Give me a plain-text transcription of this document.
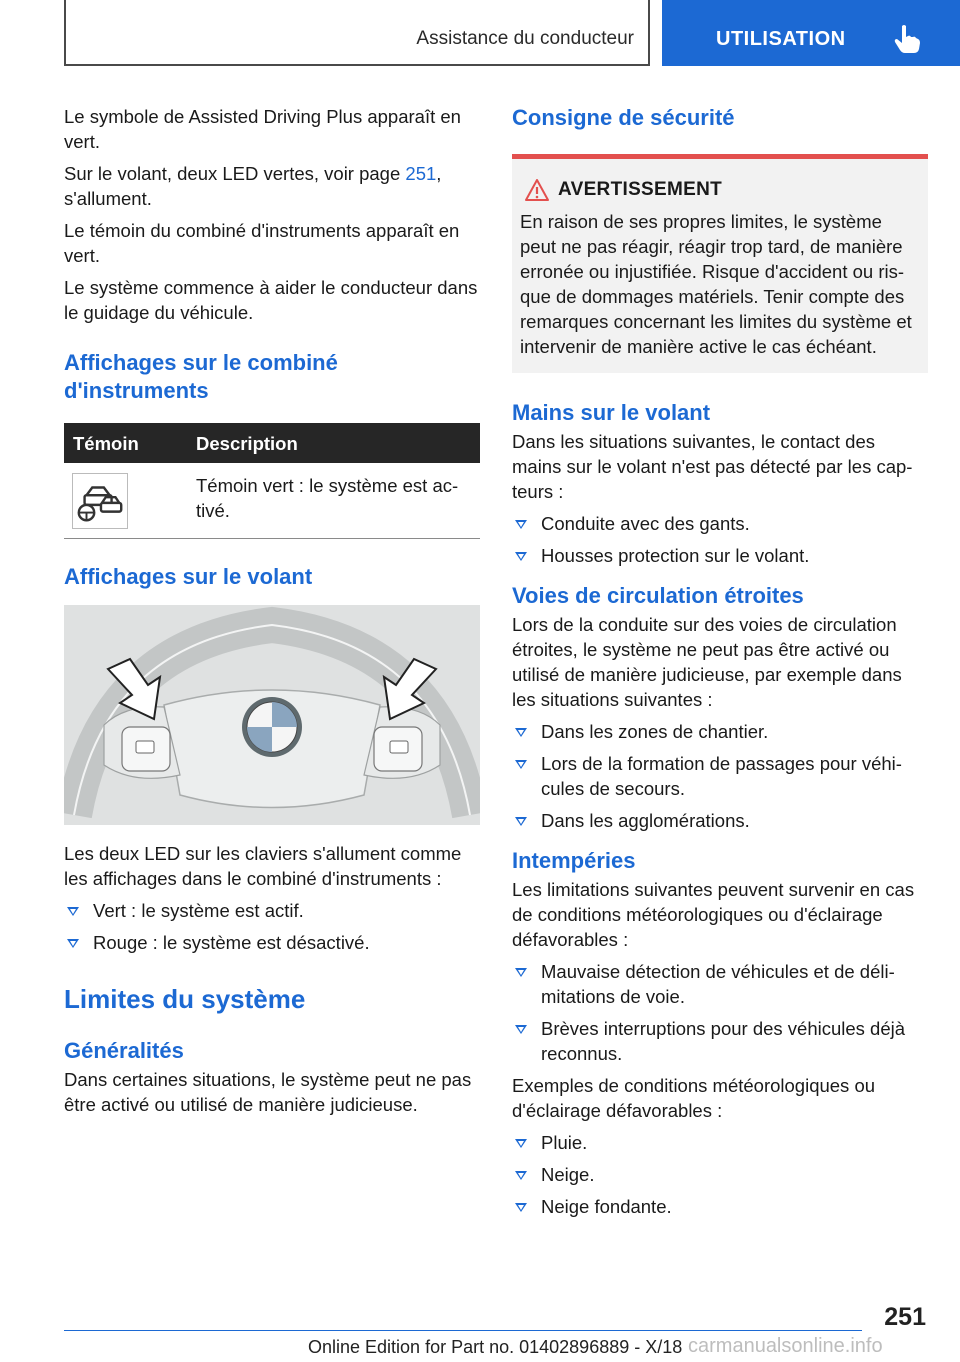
Assistance du conducteur	UTILISATION

Le symbole de Assisted Driving Plus apparaît en vert.

Sur le volant, deux LED vertes, voir page 251, s'allument.

Le témoin du combiné d'instruments apparaît en vert.

Le système commence à aider le conducteur dans le guidage du véhicule.

Affichages sur le combiné
d'instruments
Témoin	Description
Témoin vert : le système est ac‐ tivé.
Affichages sur le volant

Les deux LED sur les claviers s'allument comme les affichages dans le combiné d'instruments :

Vert : le système est actif.
Rouge : le système est désactivé.
Limites du système
Généralités

Dans certaines situations, le système peut ne pas être activé ou utilisé de manière judicieuse.

Consigne de sécurité
AVERTISSEMENT

En raison de ses propres limites, le système peut ne pas réagir, réagir trop tard, de manière erronée ou injustifiée. Risque d'accident ou ris‐ que de dommages matériels. Tenir compte des remarques concernant les limites du système et intervenir de manière active le cas échéant.

Mains sur le volant

Dans les situations suivantes, le contact des mains sur le volant n'est pas détecté par les cap‐ teurs :

Conduite avec des gants.
Housses protection sur le volant.
Voies de circulation étroites

Lors de la conduite sur des voies de circulation étroites, le système ne peut pas être activé ou utilisé de manière judicieuse, par exemple dans les situations suivantes :

Dans les zones de chantier.
Lors de la formation de passages pour véhi‐ cules de secours.
Dans les agglomérations.
Intempéries

Les limitations suivantes peuvent survenir en cas de conditions météorologiques ou d'éclairage défavorables :

Mauvaise détection de véhicules et de déli‐ mitations de voie.
Brèves interruptions pour des véhicules déjà reconnus.

Exemples de conditions météorologiques ou d'éclairage défavorables :

Pluie.
Neige.
Neige fondante.
251
Online Edition for Part no. 01402896889 - X/18 carmanualsonline.info
